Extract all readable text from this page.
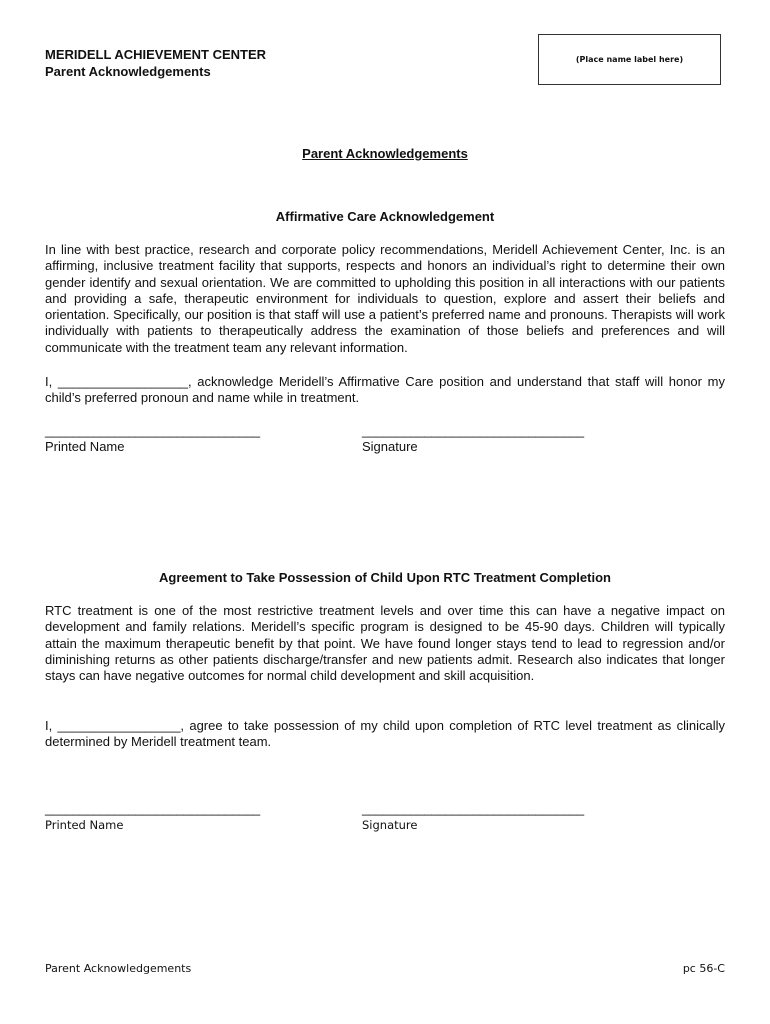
MERIDELL ACHIEVEMENT CENTER
Parent Acknowledgements
(Place name label here)
Parent Acknowledgements
Affirmative Care Acknowledgement

In line with best practice, research and corporate policy recommendations, Meridell Achievement Center, Inc. is an affirming, inclusive treatment facility that supports, respects and honors an individual’s right to determine their own gender identify and sexual orientation. We are committed to upholding this position in all interactions with our patients and providing a safe, therapeutic environment for individuals to question, explore and assert their beliefs and orientation. Specifically, our position is that staff will use a patient’s preferred name and pronouns. Therapists will work individually with patients to therapeutically address the examination of those beliefs and preferences and will communicate with the treatment team any relevant information.

I, __________________, acknowledge Meridell’s Affirmative Care position and understand that staff will honor my child’s preferred pronoun and name while in treatment.

_______________________________	________________________________
Printed Name	Signature
Agreement to Take Possession of Child Upon RTC Treatment Completion

RTC treatment is one of the most restrictive treatment levels and over time this can have a negative impact on development and family relations. Meridell’s specific program is designed to be 45-90 days. Children will typically attain the maximum therapeutic benefit by that point. We have found longer stays tend to lead to regression and/or diminishing returns as other patients discharge/transfer and new patients admit. Research also indicates that longer stays can have negative outcomes for normal child development and skill acquisition.

I, _________________, agree to take possession of my child upon completion of RTC level treatment as clinically determined by Meridell treatment team.

_______________________________	________________________________
Printed Name	Signature
Parent Acknowledgements	pc 56-C
